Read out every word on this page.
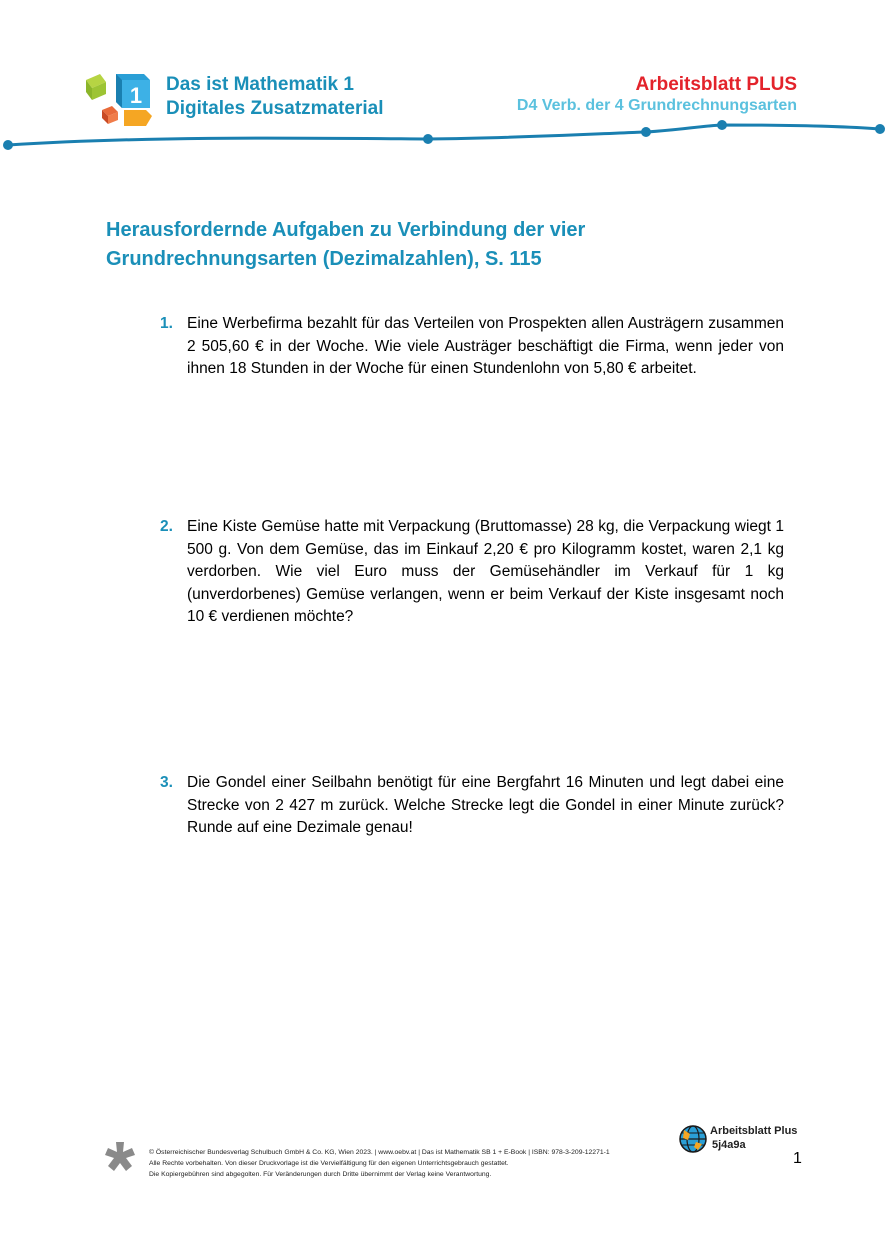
1 Das ist Mathematik 1
Digitales Zusatzmaterial
Arbeitsblatt PLUS
D4 Verb. der 4 Grundrechnungsarten
Herausfordernde Aufgaben zu Verbindung der vier
Grundrechnungsarten (Dezimalzahlen), S. 115
1. Eine Werbefirma bezahlt für das Verteilen von Prospekten allen Austrägern zusammen 2 505,60 € in der Woche. Wie viele Austräger beschäftigt die Firma, wenn jeder von ihnen 18 Stunden in der Woche für einen Stundenlohn von 5,80 € arbeitet.

2. Eine Kiste Gemüse hatte mit Verpackung (Bruttomasse) 28 kg, die Verpackung wiegt 1 500 g. Von dem Gemüse, das im Einkauf 2,20 € pro Kilogramm kostet, waren 2,1 kg verdorben. Wie viel Euro muss der Gemüsehändler im Verkauf für 1 kg (unverdorbenes) Gemüse verlangen, wenn er beim Verkauf der Kiste insgesamt noch 10 € verdienen möchte?

3. Die Gondel einer Seilbahn benötigt für eine Bergfahrt 16 Minuten und legt dabei eine Strecke von 2 427 m zurück. Welche Strecke legt die Gondel in einer Minute zurück? Runde auf eine Dezimale genau!

© Österreichischer Bundesverlag Schulbuch GmbH & Co. KG, Wien 2023. | www.oebv.at | Das ist Mathematik SB 1 + E-Book | ISBN: 978-3-209-12271-1
Alle Rechte vorbehalten. Von dieser Druckvorlage ist die Vervielfältigung für den eigenen Unterrichtsgebrauch gestattet.
Die Kopiergebühren sind abgegolten. Für Veränderungen durch Dritte übernimmt der Verlag keine Verantwortung.
Arbeitsblatt Plus
5j4a9a
1
